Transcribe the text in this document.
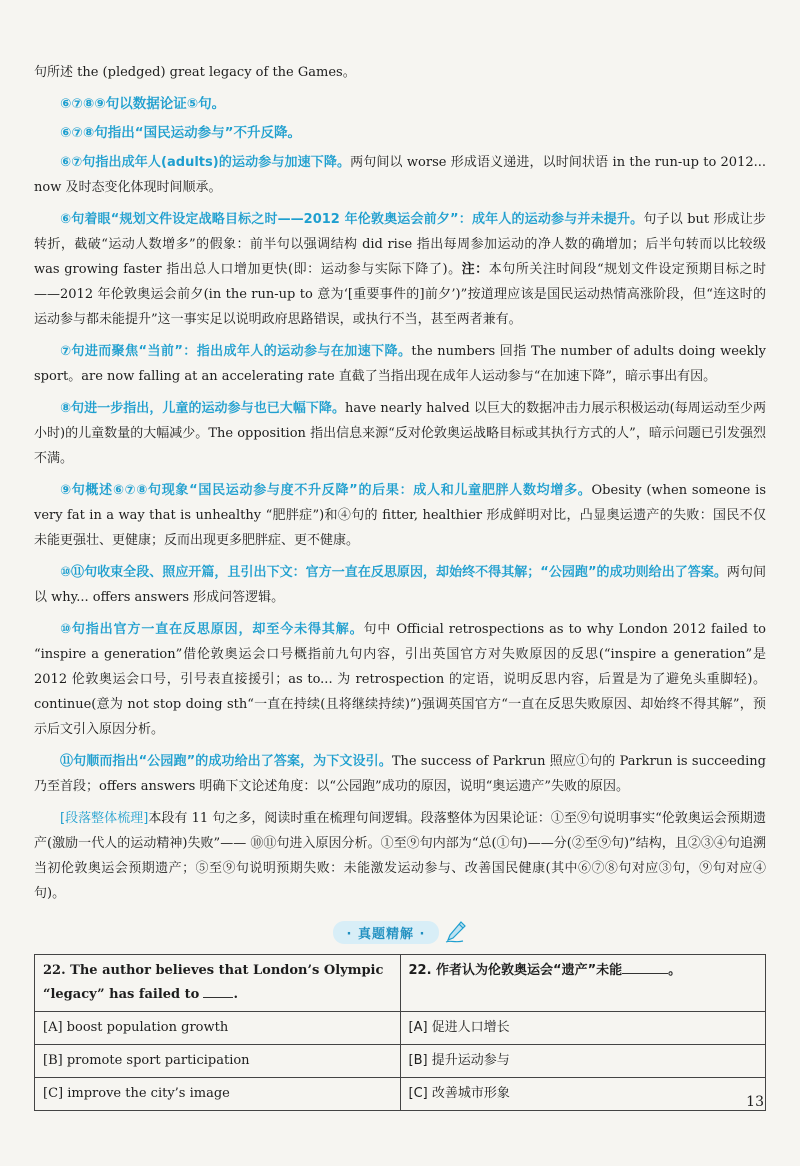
句所述 the (pledged) great legacy of the Games。

⑥⑦⑧⑨句以数据论证⑤句。

⑥⑦⑧句指出“国民运动参与”不升反降。

⑥⑦句指出成年人(adults)的运动参与加速下降。两句间以 worse 形成语义递进，以时间状语 in the run-up to 2012... now 及时态变化体现时间顺承。

⑥句着眼“规划文件设定战略目标之时——2012 年伦敦奥运会前夕”：成年人的运动参与并未提升。句子以 but 形成让步转折，截破“运动人数增多”的假象：前半句以强调结构 did rise 指出每周参加运动的净人数的确增加；后半句转而以比较级 was growing faster 指出总人口增加更快(即：运动参与实际下降了)。注：本句所关注时间段“规划文件设定预期目标之时——2012 年伦敦奥运会前夕(in the run-up to 意为‘[重要事件的]前夕’)”按道理应该是国民运动热情高涨阶段，但“连这时的运动参与都未能提升”这一事实足以说明政府思路错误，或执行不当，甚至两者兼有。

⑦句进而聚焦“当前”：指出成年人的运动参与在加速下降。the numbers 回指 The number of adults doing weekly sport。are now falling at an accelerating rate 直截了当指出现在成年人运动参与“在加速下降”，暗示事出有因。

⑧句进一步指出，儿童的运动参与也已大幅下降。have nearly halved 以巨大的数据冲击力展示积极运动(每周运动至少两小时)的儿童数量的大幅减少。The opposition 指出信息来源“反对伦敦奥运战略目标或其执行方式的人”，暗示问题已引发强烈不满。

⑨句概述⑥⑦⑧句现象“国民运动参与度不升反降”的后果：成人和儿童肥胖人数均增多。Obesity (when someone is very fat in a way that is unhealthy “肥胖症”)和④句的 fitter, healthier 形成鲜明对比，凸显奥运遗产的失败：国民不仅未能更强壮、更健康；反而出现更多肥胖症、更不健康。

⑩⑪句收束全段、照应开篇，且引出下文：官方一直在反思原因，却始终不得其解；“公园跑”的成功则给出了答案。两句间以 why... offers answers 形成问答逻辑。

⑩句指出官方一直在反思原因，却至今未得其解。句中 Official retrospections as to why London 2012 failed to “inspire a generation”借伦敦奥运会口号概指前九句内容，引出英国官方对失败原因的反思(“inspire a generation”是 2012 伦敦奥运会口号，引号表直接援引；as to... 为 retrospection 的定语，说明反思内容，后置是为了避免头重脚轻)。continue(意为 not stop doing sth“一直在持续(且将继续持续)”)强调英国官方“一直在反思失败原因、却始终不得其解”，预示后文引入原因分析。

⑪句顺而指出“公园跑”的成功给出了答案，为下文设引。The success of Parkrun 照应①句的 Parkrun is succeeding 乃至首段；offers answers 明确下文论述角度：以“公园跑”成功的原因，说明“奥运遗产”失败的原因。

[段落整体梳理]本段有 11 句之多，阅读时重在梳理句间逻辑。段落整体为因果论证：①至⑨句说明事实“伦敦奥运会预期遗产(激励一代人的运动精神)失败”—— ⑩⑪句进入原因分析。①至⑨句内部为“总(①句)——分(②至⑨句)”结构，且②③④句追溯当初伦敦奥运会预期遗产；⑤至⑨句说明预期失败：未能激发运动参与、改善国民健康(其中⑥⑦⑧句对应③句，⑨句对应④句)。

· 真题精解 ·
22. The author believes that London’s Olympic “legacy” has failed to .	22. 作者认为伦敦奥运会“遗产”未能 。
[A] boost population growth	[A] 促进人口增长
[B] promote sport participation	[B] 提升运动参与
[C] improve the city’s image	[C] 改善城市形象
13
